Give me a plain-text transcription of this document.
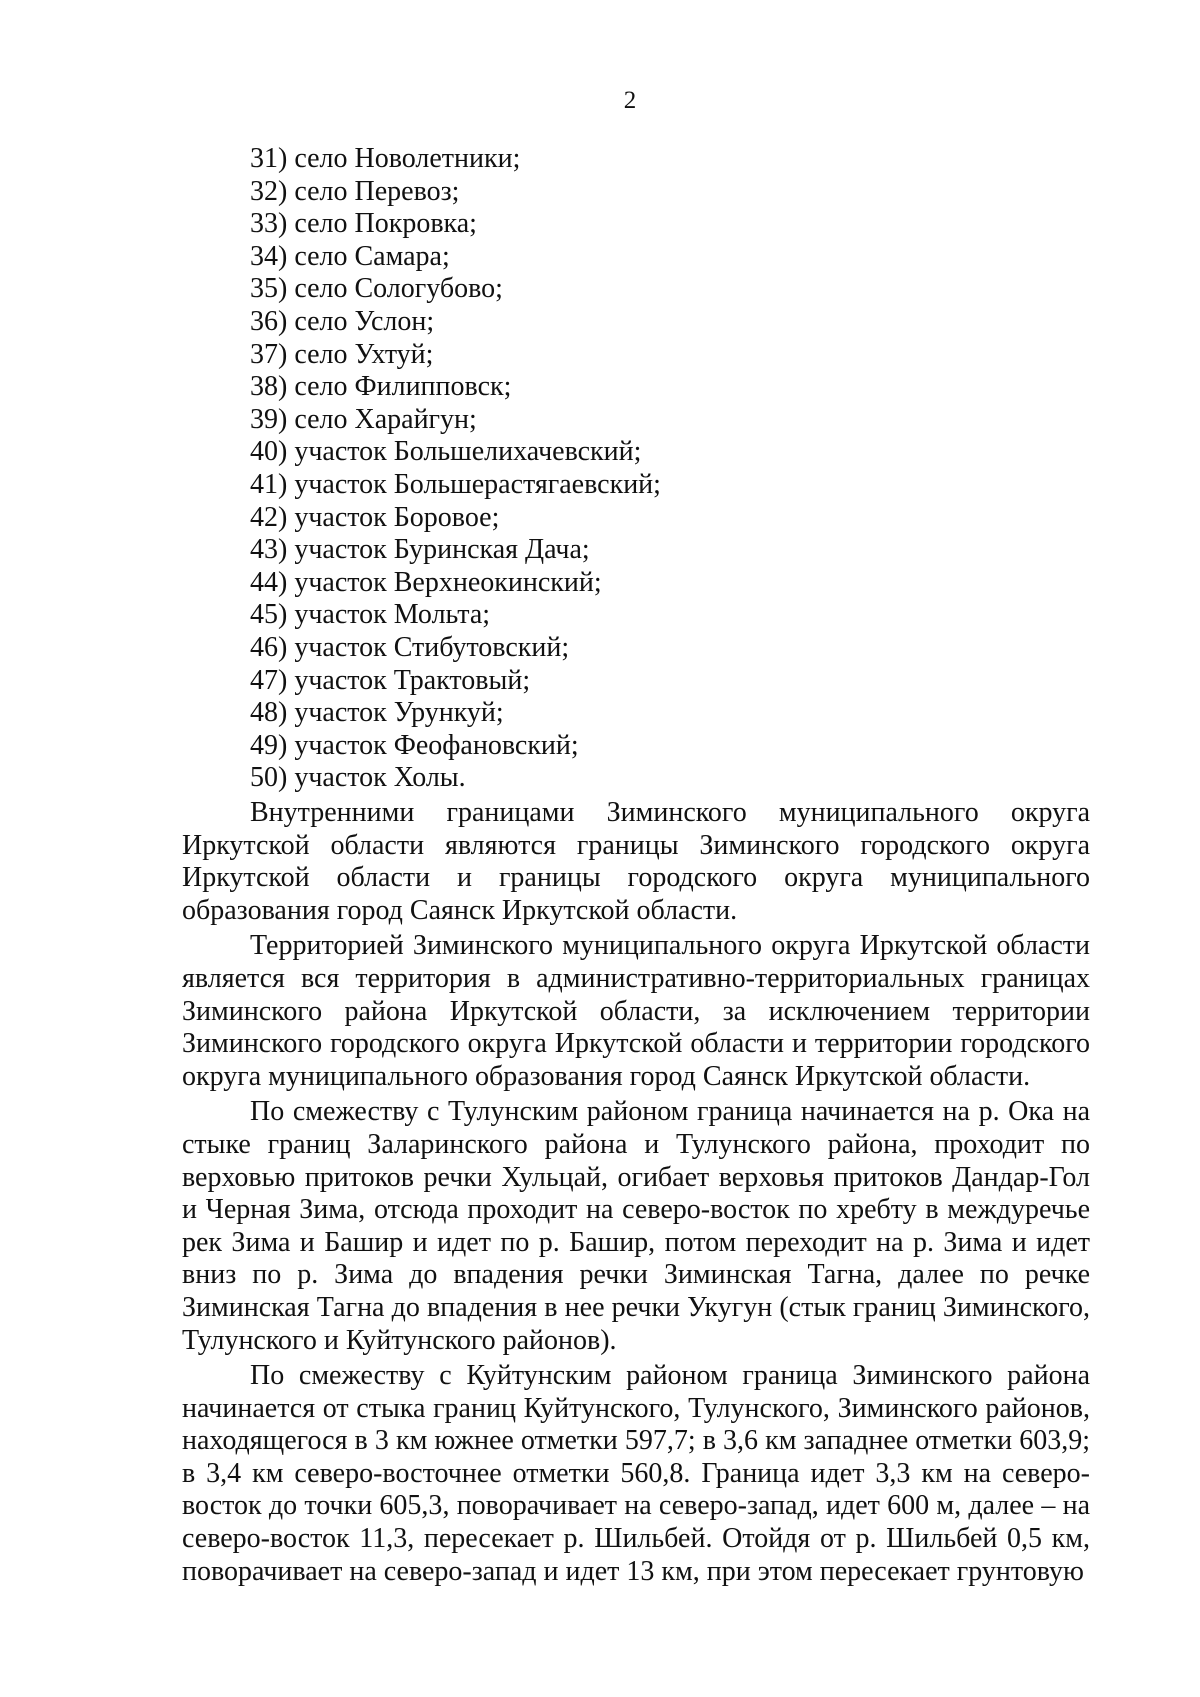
2
31) село Новолетники;
32) село Перевоз;
33) село Покровка;
34) село Самара;
35) село Сологубово;
36) село Услон;
37) село Ухтуй;
38) село Филипповск;
39) село Харайгун;
40) участок Большелихачевский;
41) участок Большерастягаевский;
42) участок Боровое;
43) участок Буринская Дача;
44) участок Верхнеокинский;
45) участок Мольта;
46) участок Стибутовский;
47) участок Трактовый;
48) участок Урункуй;
49) участок Феофановский;
50) участок Холы.

Внутренними границами Зиминского муниципального округа Иркутской области являются границы Зиминского городского округа Иркутской области и границы городского округа муниципального образования город Саянск Иркутской области.

Территорией Зиминского муниципального округа Иркутской области является вся территория в административно-территориальных границах Зиминского района Иркутской области, за исключением территории Зиминского городского округа Иркутской области и территории городского округа муниципального образования город Саянск Иркутской области.

По смежеству с Тулунским районом граница начинается на р. Ока на стыке границ Заларинского района и Тулунского района, проходит по верховью притоков речки Хульцай, огибает верховья притоков Дандар-Гол и Черная Зима, отсюда проходит на северо-восток по хребту в междуречье рек Зима и Башир и идет по р. Башир, потом переходит на р. Зима и идет вниз по р. Зима до впадения речки Зиминская Тагна, далее по речке Зиминская Тагна до впадения в нее речки Укугун (стык границ Зиминского, Тулунского и Куйтунского районов).

По смежеству с Куйтунским районом граница Зиминского района начинается от стыка границ Куйтунского, Тулунского, Зиминского районов, находящегося в 3 км южнее отметки 597,7; в 3,6 км западнее отметки 603,9; в 3,4 км северо-восточнее отметки 560,8. Граница идет 3,3 км на северо-восток до точки 605,3, поворачивает на северо-запад, идет 600 м, далее – на северо-восток 11,3, пересекает р. Шильбей. Отойдя от р. Шильбей 0,5 км, поворачивает на северо-запад и идет 13 км, при этом пересекает грунтовую
